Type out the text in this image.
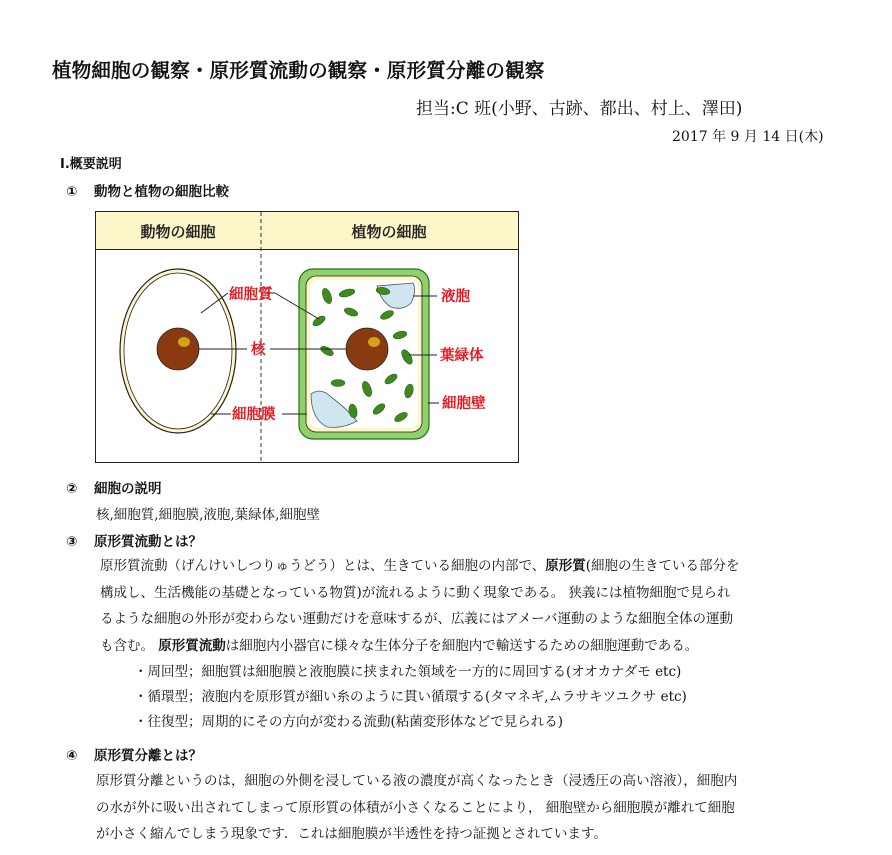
植物細胞の観察・原形質流動の観察・原形質分離の観察
担当:C 班(小野、古跡、都出、村上、澤田)
2017 年 9 月 14 日(木)
Ⅰ.概要説明
① 動物と植物の細胞比較
動物の細胞	植物の細胞
細胞質
核
細胞膜
液胞
葉緑体
細胞壁
② 細胞の説明
核,細胞質,細胞膜,液胞,葉緑体,細胞壁
③ 原形質流動とは？

原形質流動（げんけいしつりゅうどう）とは、生きている細胞の内部で、原形質(細胞の生きている部分を

構成し、生活機能の基礎となっている物質)が流れるように動く現象である。 狭義には植物細胞で見られ

るような細胞の外形が変わらない運動だけを意味するが、広義にはアメーバ運動のような細胞全体の運動

も含む。 原形質流動は細胞内小器官に様々な生体分子を細胞内で輸送するための細胞運動である。

・周回型；細胞質は細胞膜と液胞膜に挟まれた領域を一方的に周回する(オオカナダモ etc)
・循環型；液胞内を原形質が細い糸のように貫い循環する(タマネギ,ムラサキツユクサ etc)
・往復型；周期的にその方向が変わる流動(粘菌変形体などで見られる)
④ 原形質分離とは？

原形質分離というのは，細胞の外側を浸している液の濃度が高くなったとき（浸透圧の高い溶液），細胞内

の水が外に吸い出されてしまって原形質の体積が小さくなることにより， 細胞壁から細胞膜が離れて細胞

が小さく縮んでしまう現象です．これは細胞膜が半透性を持つ証拠とされています。
